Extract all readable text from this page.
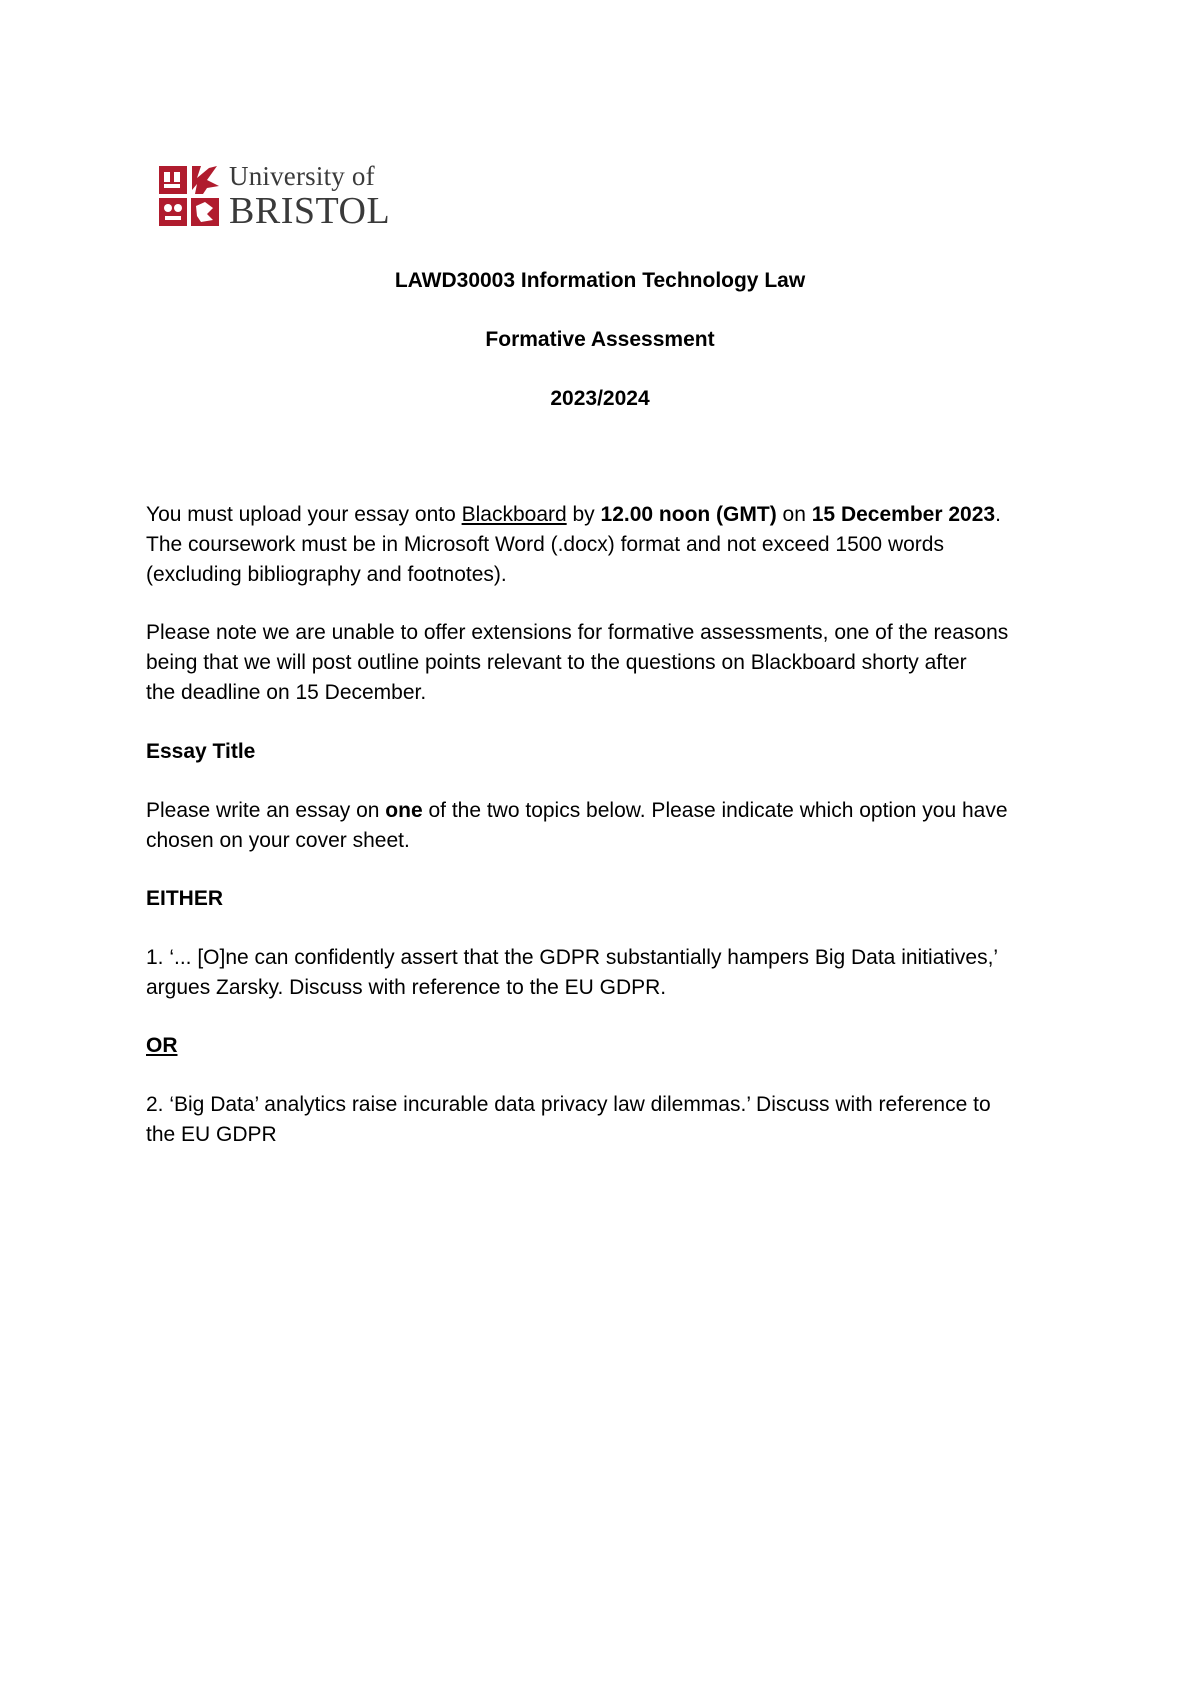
University of
BRISTOL
LAWD30003 Information Technology Law
Formative Assessment
2023/2024
You must upload your essay onto Blackboard by 12.00 noon (GMT) on 15 December 2023.
The coursework must be in Microsoft Word (.docx) format and not exceed 1500 words
(excluding bibliography and footnotes).
Please note we are unable to offer extensions for formative assessments, one of the reasons
being that we will post outline points relevant to the questions on Blackboard shorty after
the deadline on 15 December.
Essay Title
Please write an essay on one of the two topics below. Please indicate which option you have
chosen on your cover sheet.
EITHER
1. ‘... [O]ne can confidently assert that the GDPR substantially hampers Big Data initiatives,’
argues Zarsky. Discuss with reference to the EU GDPR.
OR
2. ‘Big Data’ analytics raise incurable data privacy law dilemmas.’ Discuss with reference to
the EU GDPR
